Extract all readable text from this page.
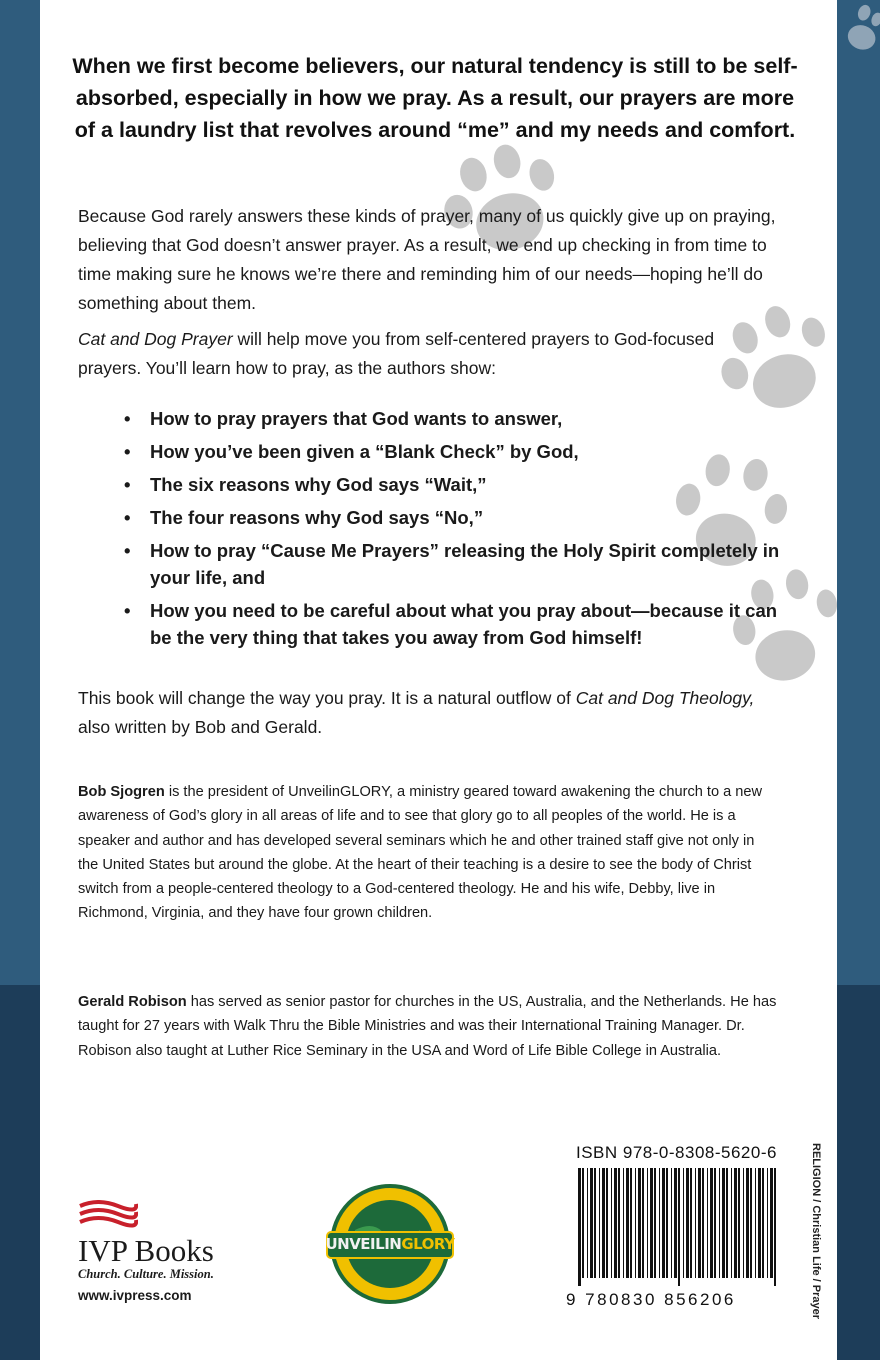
When we first become believers, our natural tendency is still to be self-absorbed, especially in how we pray. As a result, our prayers are more of a laundry list that revolves around “me” and my needs and comfort.

Because God rarely answers these kinds of prayer, many of us quickly give up on praying, believing that God doesn’t answer prayer. As a result, we end up checking in from time to time making sure he knows we’re there and reminding him of our needs—hoping he’ll do something about them.

Cat and Dog Prayer will help move you from self-centered prayers to God-focused prayers. You’ll learn how to pray, as the authors show:

• How to pray prayers that God wants to answer,
• How you’ve been given a “Blank Check” by God,
• The six reasons why God says “Wait,”
• The four reasons why God says “No,”
• How to pray “Cause Me Prayers” releasing the Holy Spirit completely in your life, and
• How you need to be careful about what you pray about—because it can be the very thing that takes you away from God himself!

This book will change the way you pray. It is a natural outflow of Cat and Dog Theology, also written by Bob and Gerald.

Bob Sjogren is the president of UnveilinGLORY, a ministry geared toward awakening the church to a new awareness of God’s glory in all areas of life and to see that glory go to all peoples of the world. He is a speaker and author and has developed several seminars which he and other trained staff give not only in the United States but around the globe. At the heart of their teaching is a desire to see the body of Christ switch from a people-centered theology to a God-centered theology. He and his wife, Debby, live in Richmond, Virginia, and they have four grown children.

Gerald Robison has served as senior pastor for churches in the US, Australia, and the Netherlands. He has taught for 27 years with Walk Thru the Bible Ministries and was their International Training Manager. Dr. Robison also taught at Luther Rice Seminary in the USA and Word of Life Bible College in Australia.

IVP Books
Church. Culture. Mission.
www.ivpress.com
UNVEILINGLORY
ISBN 978-0-8308-5620-6
9 780830 856206	RELIGION / Christian Life / Prayer
